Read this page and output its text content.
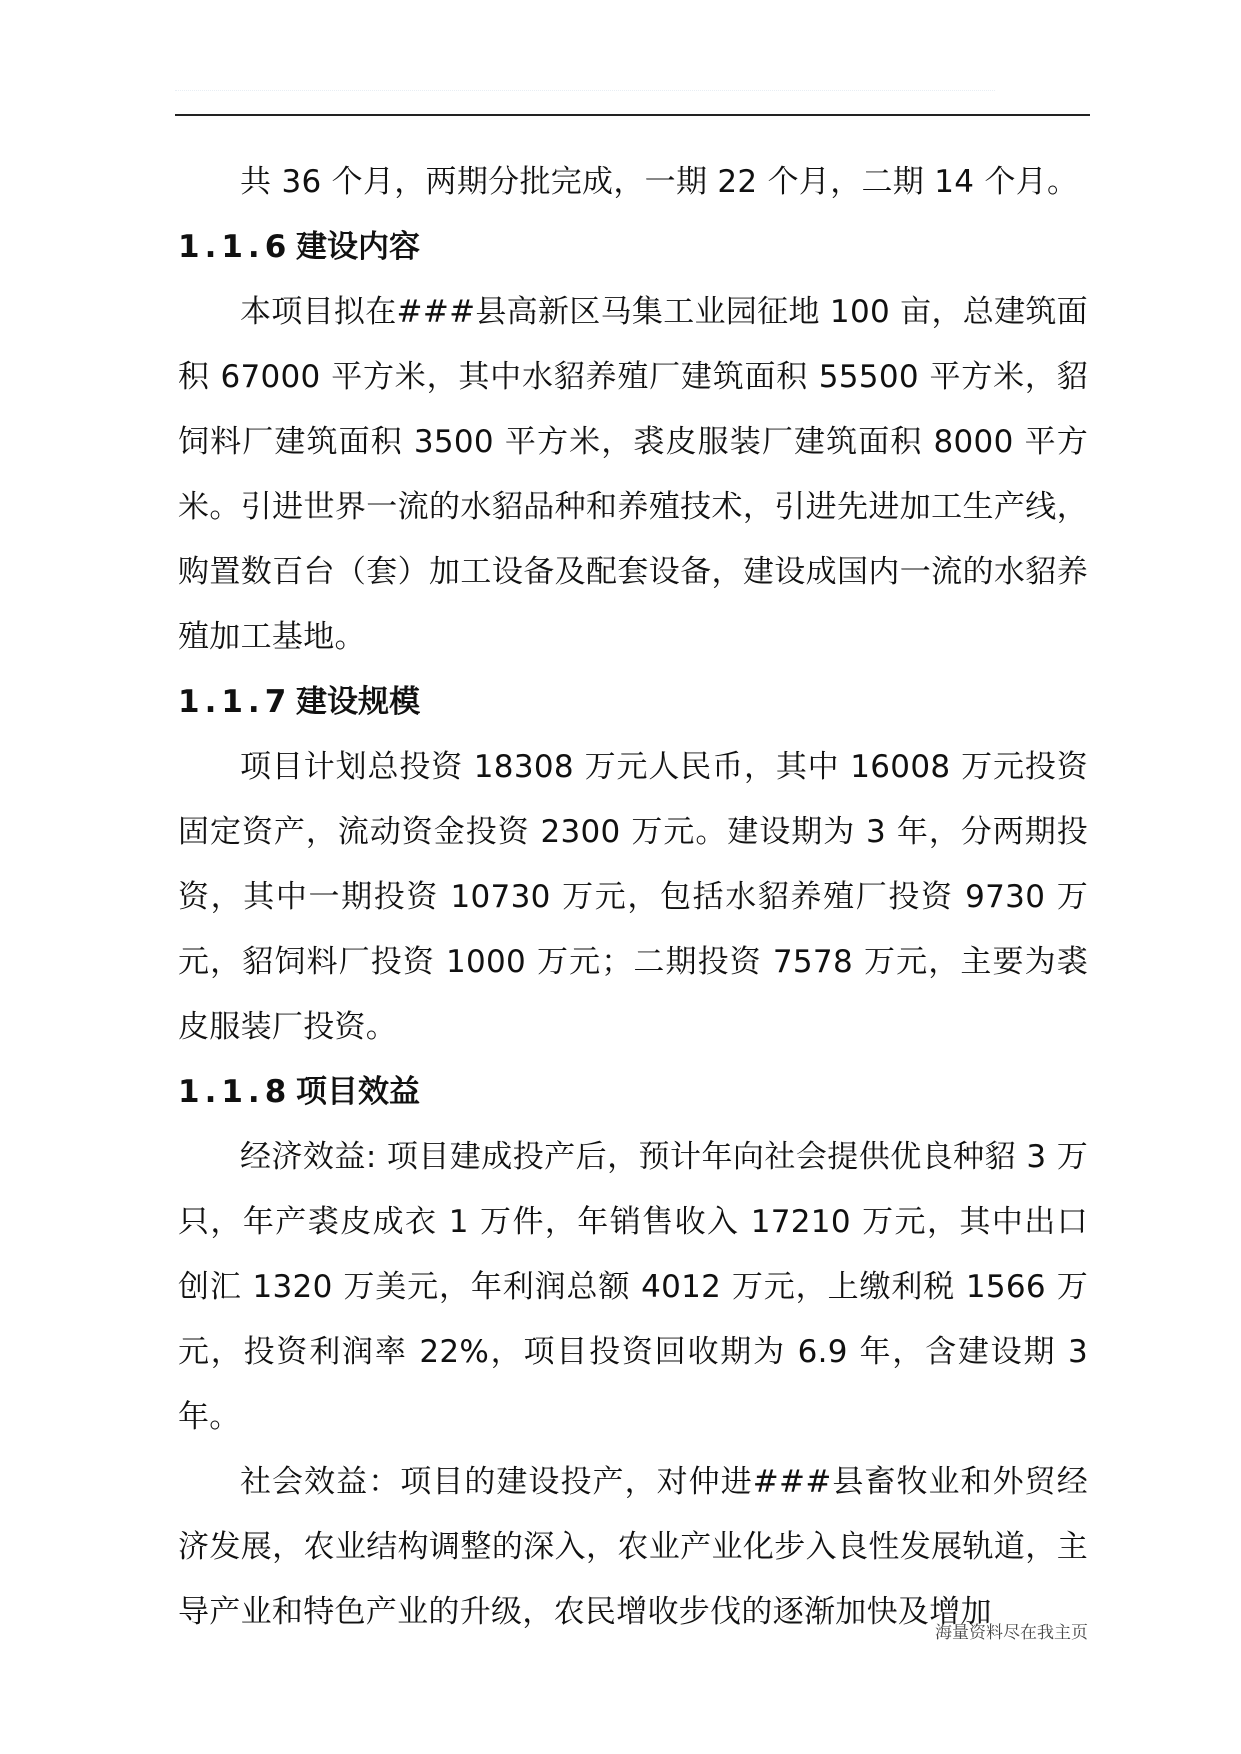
共 36 个月，两期分批完成，一期 22 个月，二期 14 个月。

1.1.6 建设内容

本项目拟在###县高新区马集工业园征地 100 亩，总建筑面积 67000 平方米，其中水貂养殖厂建筑面积 55500 平方米，貂饲料厂建筑面积 3500 平方米，裘皮服装厂建筑面积 8000 平方米。引进世界一流的水貂品种和养殖技术，引进先进加工生产线，购置数百台（套）加工设备及配套设备，建设成国内一流的水貂养殖加工基地。

1.1.7 建设规模

项目计划总投资 18308 万元人民币，其中 16008 万元投资固定资产，流动资金投资 2300 万元。建设期为 3 年，分两期投资，其中一期投资 10730 万元，包括水貂养殖厂投资 9730 万元，貂饲料厂投资 1000 万元；二期投资 7578 万元，主要为裘皮服装厂投资。

1.1.8 项目效益

经济效益: 项目建成投产后，预计年向社会提供优良种貂 3 万只，年产裘皮成衣 1 万件，年销售收入 17210 万元，其中出口创汇 1320 万美元，年利润总额 4012 万元，上缴利税 1566 万元，投资利润率 22%，项目投资回收期为 6.9 年，含建设期 3 年。

社会效益：项目的建设投产，对仲进###县畜牧业和外贸经济发展，农业结构调整的深入，农业产业化步入良性发展轨道，主导产业和特色产业的升级，农民增收步伐的逐渐加快及增加

海量资料尽在我主页
